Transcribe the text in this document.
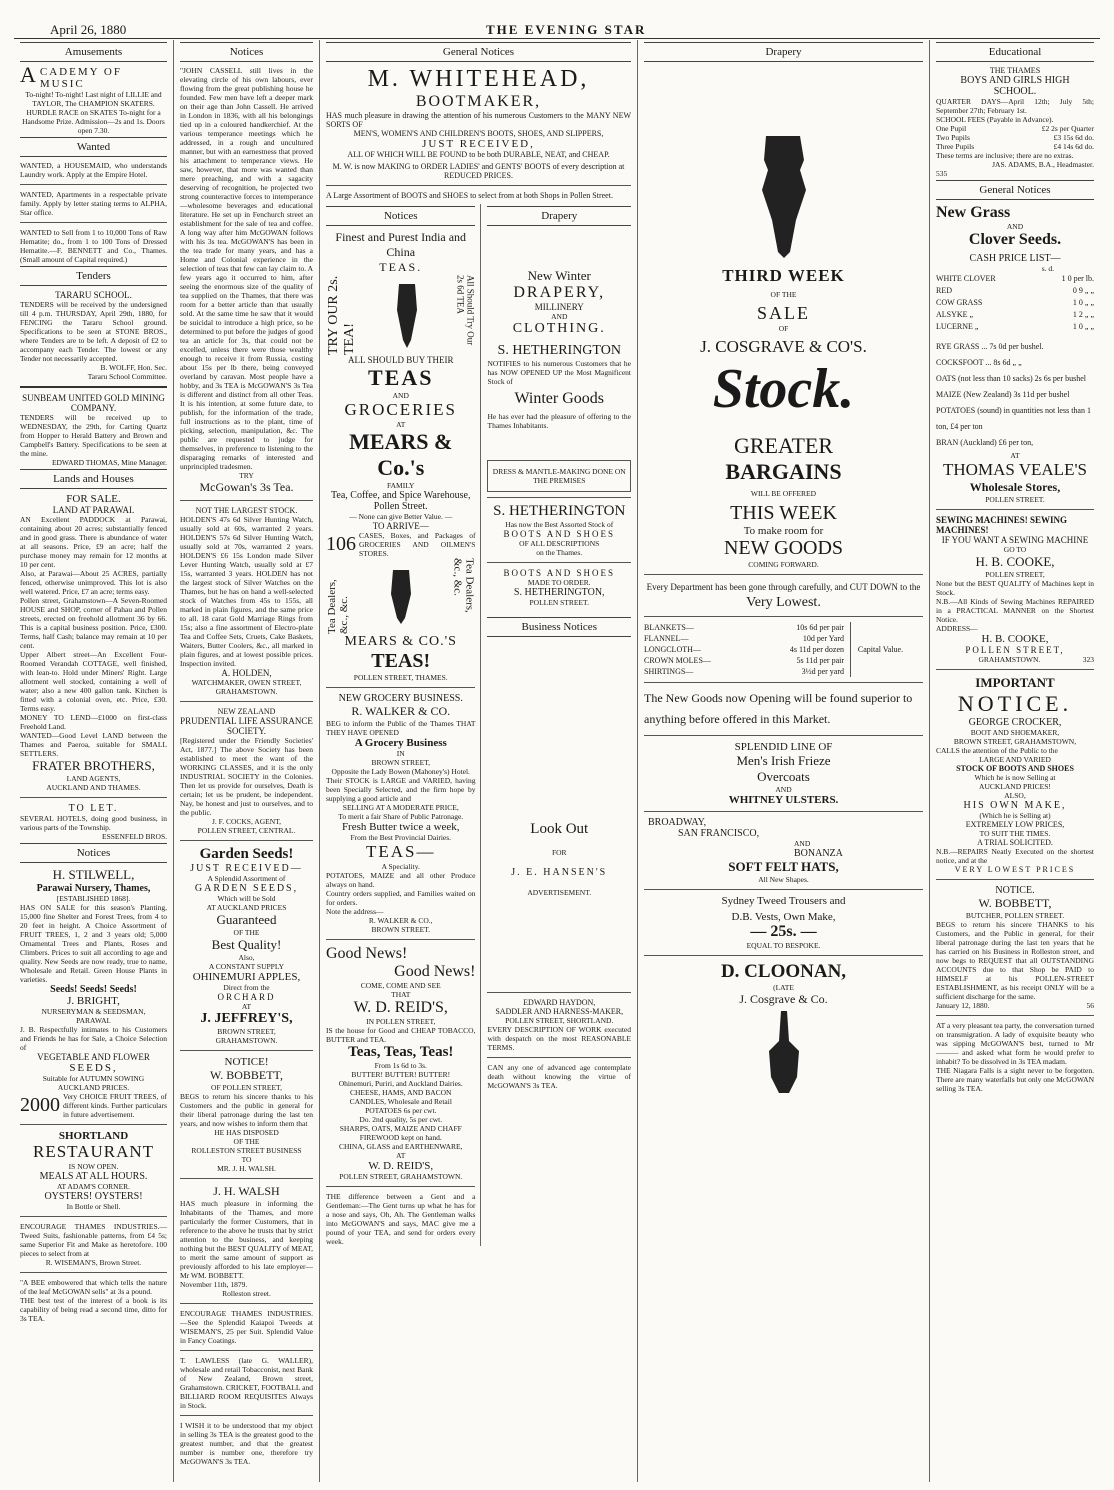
April 26, 1880	THE EVENING STAR
Amusements
ACADEMY OF MUSIC
To-night! To-night! Last night of LILLIE and TAYLOR, The CHAMPION SKATERS. HURDLE RACE on SKATES To-night for a Handsome Prize. Admission—2s and 1s. Doors open 7.30.
Wanted
WANTED, a HOUSEMAID, who understands Laundry work. Apply at the Empire Hotel.
WANTED, Apartments in a respectable private family. Apply by letter stating terms to ALPHA, Star office.
WANTED to Sell from 1 to 10,000 Tons of Raw Hematite; do., from 1 to 100 Tons of Dressed Hematite.—F. BENNETT and Co., Thames. (Small amount of Capital required.)
Tenders
TARARU SCHOOL.
TENDERS will be received by the undersigned till 4 p.m. THURSDAY, April 29th, 1880, for FENCING the Tararu School ground. Specifications to be seen at STONE BROS., where Tenders are to be left. A deposit of £2 to accompany each Tender. The lowest or any Tender not necessarily accepted.
B. WOLFF, Hon. Sec.
Tararu School Committee.
SUNBEAM UNITED GOLD MINING COMPANY.
TENDERS will be received up to WEDNESDAY, the 29th, for Carting Quartz from Hopper to Herald Battery and Brown and Campbell's Battery. Specifications to be seen at the mine.
EDWARD THOMAS, Mine Manager.
Lands and Houses
FOR SALE.
LAND AT PARAWAI.
AN Excellent PADDOCK at Parawai, containing about 20 acres; substantially fenced and in good grass. There is abundance of water at all seasons. Price, £9 an acre; half the purchase money may remain for 12 months at 10 per cent.
Also, at Parawai—About 25 ACRES, partially fenced, otherwise unimproved. This lot is also well watered. Price, £7 an acre; terms easy.
Pollen street, Grahamstown—A Seven-Roomed HOUSE and SHOP, corner of Pahau and Pollen streets, erected on freehold allotment 36 by 66. This is a capital business position. Price, £300. Terms, half Cash; balance may remain at 10 per cent.
Upper Albert street—An Excellent Four-Roomed Verandah COTTAGE, well finished, with lean-to. Hold under Miners' Right. Large allotment well stocked, containing a well of water; also a new 400 gallon tank. Kitchen is fitted with a colonial oven, etc. Price, £30. Terms easy.
MONEY TO LEND—£1000 on first-class Freehold Land.
WANTED—Good Level LAND between the Thames and Paeroa, suitable for SMALL SETTLERS.
FRATER BROTHERS,
LAND AGENTS,
AUCKLAND AND THAMES.
TO LET.
SEVERAL HOTELS, doing good business, in various parts of the Township.
ESSENFELD BROS.
Notices
H. STILWELL,
Parawai Nursery, Thames,
[ESTABLISHED 1868].
HAS ON SALE for this season's Planting, 15,000 fine Shelter and Forest Trees, from 4 to 20 feet in height. A Choice Assortment of FRUIT TREES, 1, 2 and 3 years old; 5,000 Ornamental Trees and Plants, Roses and Climbers. Prices to suit all according to age and quality. New Seeds are now ready, true to name, Wholesale and Retail. Green House Plants in varieties.
Seeds! Seeds! Seeds!
J. BRIGHT,
NURSERYMAN & SEEDSMAN,
PARAWAI.
J. B. Respectfully intimates to his Customers and Friends he has for Sale, a Choice Selection of
VEGETABLE AND FLOWER
SEEDS,
Suitable for AUTUMN SOWING
AUCKLAND PRICES.
2000 Very CHOICE FRUIT TREES, of different kinds. Further particulars in future advertisement.
SHORTLAND
RESTAURANT
IS NOW OPEN.
MEALS AT ALL HOURS.
AT ADAM'S CORNER.
OYSTERS! OYSTERS!
In Bottle or Shell.
ENCOURAGE THAMES INDUSTRIES.—Tweed Suits, fashionable patterns, from £4 5s; same Superior Fit and Make as heretofore. 100 pieces to select from at
R. WISEMAN'S, Brown Street.
"A BEE embowered that which tells the nature of the leaf McGOWAN sells" at 3s a pound.
THE best test of the interest of a book is its capability of being read a second time, ditto for 3s TEA.
Notices
"JOHN CASSELL still lives in the elevating circle of his own labours, ever flowing from the great publishing house he founded. Few men have left a deeper mark on their age than John Cassell. He arrived in London in 1836, with all his belongings tied up in a coloured handkerchief. At the various temperance meetings which he addressed, in a rough and uncultured manner, but with an earnestness that proved his attachment to temperance views. He saw, however, that more was wanted than mere preaching, and with a sagacity deserving of recognition, he projected two strong counteractive forces to intemperance—wholesome beverages and educational literature. He set up in Fenchurch street an establishment for the sale of tea and coffee. A long way after him McGOWAN follows with his 3s tea. McGOWAN'S has been in the tea trade for many years, and has a Home and Colonial experience in the selection of teas that few can lay claim to. A few years ago it occurred to him, after seeing the enormous size of the quality of tea supplied on the Thames, that there was room for a better article than that usually sold. At the same time he saw that it would be suicidal to introduce a high price, so he determined to put before the judges of good tea an article for 3s, that could not be excelled, unless there were those wealthy enough to receive it from Russia, costing about 15s per lb there, being conveyed overland by caravan. Most people have a hobby, and 3s TEA is McGOWAN'S 3s Tea is different and distinct from all other Teas. It is his intention, at some future date, to publish, for the information of the trade, full instructions as to the plant, time of picking, selection, manipulation, &c. The public are requested to judge for themselves, in preference to listening to the disparaging remarks of interested and unprincipled tradesmen.
TRY
McGowan's 3s Tea.
NOT THE LARGEST STOCK.
HOLDEN'S 47s 6d Silver Hunting Watch, usually sold at 60s, warranted 2 years. HOLDEN'S 57s 6d Silver Hunting Watch, usually sold at 70s, warranted 2 years. HOLDEN'S £6 15s London made Silver Lever Hunting Watch, usually sold at £7 15s, warranted 3 years. HOLDEN has not the largest stock of Silver Watches on the Thames, but he has on hand a well-selected stock of Watches from 45s to 155s, all marked in plain figures, and the same price to all. 18 carat Gold Marriage Rings from 15s; also a fine assortment of Electro-plate Tea and Coffee Sets, Cruets, Cake Baskets, Waiters, Butter Coolers, &c., all marked in plain figures, and at lowest possible prices. Inspection invited.
A. HOLDEN,
WATCHMAKER, OWEN STREET,
GRAHAMSTOWN.
NEW ZEALAND
PRUDENTIAL LIFE ASSURANCE SOCIETY.
[Registered under the Friendly Societies' Act, 1877.] The above Society has been established to meet the want of the WORKING CLASSES, and it is the only INDUSTRIAL SOCIETY in the Colonies. Then let us provide for ourselves, Death is certain; let us be prudent, be independent. Nay, be honest and just to ourselves, and to the public.
J. F. COCKS, AGENT,
POLLEN STREET, CENTRAL.
Garden Seeds!
JUST RECEIVED—
A Splendid Assortment of
GARDEN SEEDS,
Which will be Sold
AT AUCKLAND PRICES
Guaranteed
OF THE
Best Quality!
Also,
A CONSTANT SUPPLY
OHINEMURI APPLES,
Direct from the
ORCHARD
AT
J. JEFFREY'S,
BROWN STREET,
GRAHAMSTOWN.
NOTICE!
W. BOBBETT,
OF POLLEN STREET,
BEGS to return his sincere thanks to his Customers and the public in general for their liberal patronage during the last ten years, and now wishes to inform them that
HE HAS DISPOSED
OF THE
ROLLESTON STREET BUSINESS
TO
MR. J. H. WALSH.
J. H. WALSH
HAS much pleasure in informing the Inhabitants of the Thames, and more particularly the former Customers, that in reference to the above he trusts that by strict attention to the business, and keeping nothing but the BEST QUALITY of MEAT, to merit the same amount of support as previously afforded to his late employer—Mr WM. BOBBETT.
November 11th, 1879.
Rolleston street.
ENCOURAGE THAMES INDUSTRIES.—See the Splendid Kaiapoi Tweeds at WISEMAN'S, 25 per Suit. Splendid Value in Fancy Coatings.
T. LAWLESS (late G. WALLER), wholesale and retail Tobacconist, next Bank of New Zealand, Brown street, Grahamstown. CRICKET, FOOTBALL and BILLIARD ROOM REQUISITES Always in Stock.
I WISH it to be understood that my object in selling 3s TEA is the greatest good to the greatest number, and that the greatest number is number one, therefore try McGOWAN'S 3s TEA.
General Notices
M. WHITEHEAD,
BOOTMAKER,
HAS much pleasure in drawing the attention of his numerous Customers to the MANY NEW SORTS OF
MEN'S, WOMEN'S AND CHILDREN'S BOOTS, SHOES, AND SLIPPERS,
JUST RECEIVED,
ALL OF WHICH WILL BE FOUND to be both DURABLE, NEAT, and CHEAP.
M. W. is now MAKING to ORDER LADIES' and GENTS' BOOTS of every description at REDUCED PRICES.
A Large Assortment of BOOTS and SHOES to select from at both Shops in Pollen Street.
Notices
Finest and Purest India and China
TEAS.
TRY OUR 2s. TEA!	All Should Try Our 2s 6d TEA
ALL SHOULD BUY THEIR
TEAS
AND
GROCERIES
AT
MEARS & Co.'s
FAMILY
Tea, Coffee, and Spice Warehouse, Pollen Street.
— None can give Better Value. —
TO ARRIVE—
106 CASES, Boxes, and Packages of GROCERIES AND OILMEN'S STORES.
Tea Dealers, &c., &c.
Tea Dealers, &c., &c.
MEARS & CO.'S
TEAS!
POLLEN STREET, THAMES.
NEW GROCERY BUSINESS.
R. WALKER & CO.
BEG to inform the Public of the Thames THAT THEY HAVE OPENED
A Grocery Business
IN
BROWN STREET,
Opposite the Lady Bowen (Mahoney's) Hotel.
Their STOCK is LARGE and VARIED, having been Specially Selected, and the firm hope by supplying a good article and
SELLING AT A MODERATE PRICE,
To merit a fair Share of Public Patronage.
Fresh Butter twice a week,
From the Best Provincial Dairies.
TEAS—
A Speciality.
POTATOES, MAIZE and all other Produce always on hand.
Country orders supplied, and Families waited on for orders.
Note the address—
R. WALKER & CO.,
BROWN STREET.
Good News!
Good News!
COME, COME AND SEE
THAT
W. D. REID'S,
IN POLLEN STREET,
IS the house for Good and CHEAP TOBACCO, BUTTER and TEA.
Teas, Teas, Teas!
From 1s 6d to 3s.
BUTTER! BUTTER! BUTTER!
Ohinemuri, Puriri, and Auckland Dairies.
CHEESE, HAMS, AND BACON
CANDLES, Wholesale and Retail
POTATOES 6s per cwt.
Do. 2nd quality, 5s per cwt.
SHARPS, OATS, MAIZE AND CHAFF
FIREWOOD kept on hand.
CHINA, GLASS and EARTHENWARE,
AT
W. D. REID'S,
POLLEN STREET, GRAHAMSTOWN.
THE difference between a Gent and a Gentleman:—The Gent turns up what he has for a nose and says, Oh, Ah. The Gentleman walks into McGOWAN'S and says, MAC give me a pound of your TEA, and send for orders every week.
Drapery
New Winter
DRAPERY,
MILLINERY
AND
CLOTHING.
S. HETHERINGTON
NOTIFIES to his numerous Customers that he has NOW OPENED UP the Most Magnificent Stock of
Winter Goods
He has ever had the pleasure of offering to the Thames Inhabitants.
DRESS & MANTLE-MAKING DONE ON THE PREMISES
S. HETHERINGTON
Has now the Best Assorted Stock of
BOOTS AND SHOES
OF ALL DESCRIPTIONS
on the Thames.
BOOTS AND SHOES
MADE TO ORDER.
S. HETHERINGTON,
POLLEN STREET.
Business Notices
Look Out
FOR
J. E. HANSEN'S
ADVERTISEMENT.
EDWARD HAYDON,
SADDLER AND HARNESS-MAKER,
POLLEN STREET, SHORTLAND.
EVERY DESCRIPTION OF WORK executed with despatch on the most REASONABLE TERMS.
CAN any one of advanced age contemplate death without knowing the virtue of McGOWAN'S 3s TEA.
Drapery
THIRD WEEK
OF THE
SALE
OF
J. COSGRAVE & CO'S.
Stock.
GREATER
BARGAINS
WILL BE OFFERED
THIS WEEK
To make room for
NEW GOODS
COMING FORWARD.
Every Department has been gone through carefully, and CUT DOWN to the
Very Lowest.
BLANKETS—	10s 6d per pair
FLANNEL—	10d per Yard
LONGCLOTH—	4s 11d per dozen
CROWN MOLES—	5s 11d per pair
SHIRTINGS—	3½d per yard
Capital Value.
The New Goods now Opening will be found superior to anything before offered in this Market.
SPLENDID LINE OF
Men's Irish Frieze
Overcoats
AND
WHITNEY ULSTERS.
BROADWAY,
SAN FRANCISCO,
AND
BONANZA
SOFT FELT HATS,
All New Shapes.
Sydney Tweed Trousers and
D.B. Vests, Own Make,
— 25s. —
EQUAL TO BESPOKE.
D. CLOONAN,
(LATE
J. Cosgrave & Co.
Educational
THE THAMES
BOYS AND GIRLS HIGH
SCHOOL.
QUARTER DAYS—April 12th; July 5th; September 27th; February 1st.
SCHOOL FEES (Payable in Advance).
One Pupil	£2 2s per Quarter
Two Pupils	£3 15s 6d do.
Three Pupils	£4 14s 6d do.
These terms are inclusive; there are no extras.
JAS. ADAMS, B.A., Headmaster.
535
General Notices
New Grass
AND
Clover Seeds.
CASH PRICE LIST—
s. d.
WHITE CLOVER	1 0 per lb.
RED	0 9 „ „
COW GRASS	1 0 „ „
ALSYKE „	1 2 „ „
LUCERNE „	1 0 „ „
RYE GRASS ... 7s 0d per bushel.
COCKSFOOT ... 8s 6d „ „
OATS (not less than 10 sacks) 2s 6s per bushel
MAIZE (New Zealand) 3s 11d per bushel
POTATOES (sound) in quantities not less than 1 ton, £4 per ton
BRAN (Auckland) £6 per ton,
AT
THOMAS VEALE'S
Wholesale Stores,
POLLEN STREET.
SEWING MACHINES! SEWING MACHINES!
IF YOU WANT A SEWING MACHINE
GO TO
H. B. COOKE,
POLLEN STREET,
None but the BEST QUALITY of Machines kept in Stock.
N.B.—All Kinds of Sewing Machines REPAIRED in a PRACTICAL MANNER on the Shortest Notice.
ADDRESS—
H. B. COOKE,
POLLEN STREET,
GRAHAMSTOWN.	323
IMPORTANT
NOTICE.
GEORGE CROCKER,
BOOT AND SHOEMAKER,
BROWN STREET, GRAHAMSTOWN,
CALLS the attention of the Public to the
LARGE AND VARIED
STOCK OF BOOTS AND SHOES
Which he is now Selling at
AUCKLAND PRICES!
ALSO,
HIS OWN MAKE,
(Which he is Selling at)
EXTREMELY LOW PRICES,
TO SUIT THE TIMES.
A TRIAL SOLICITED.
N.B.—REPAIRS Neatly Executed on the shortest notice, and at the
VERY LOWEST PRICES
NOTICE.
W. BOBBETT,
BUTCHER, POLLEN STREET.
BEGS to return his sincere THANKS to his Customers, and the Public in general, for their liberal patronage during the last ten years that he has carried on his Business in Rolleston street, and now begs to REQUEST that all OUTSTANDING ACCOUNTS due to that Shop be PAID to HIMSELF at his POLLEN-STREET ESTABLISHMENT, as his receipt ONLY will be a sufficient discharge for the same.
January 12, 1880.	56
AT a very pleasant tea party, the conversation turned on transmigration. A lady of exquisite beauty who was sipping McGOWAN'S best, turned to Mr ——— and asked what form he would prefer to inhabit? To be dissolved in 3s TEA madam.
THE Niagara Falls is a sight never to be forgotten. There are many waterfalls but only one McGOWAN selling 3s TEA.
